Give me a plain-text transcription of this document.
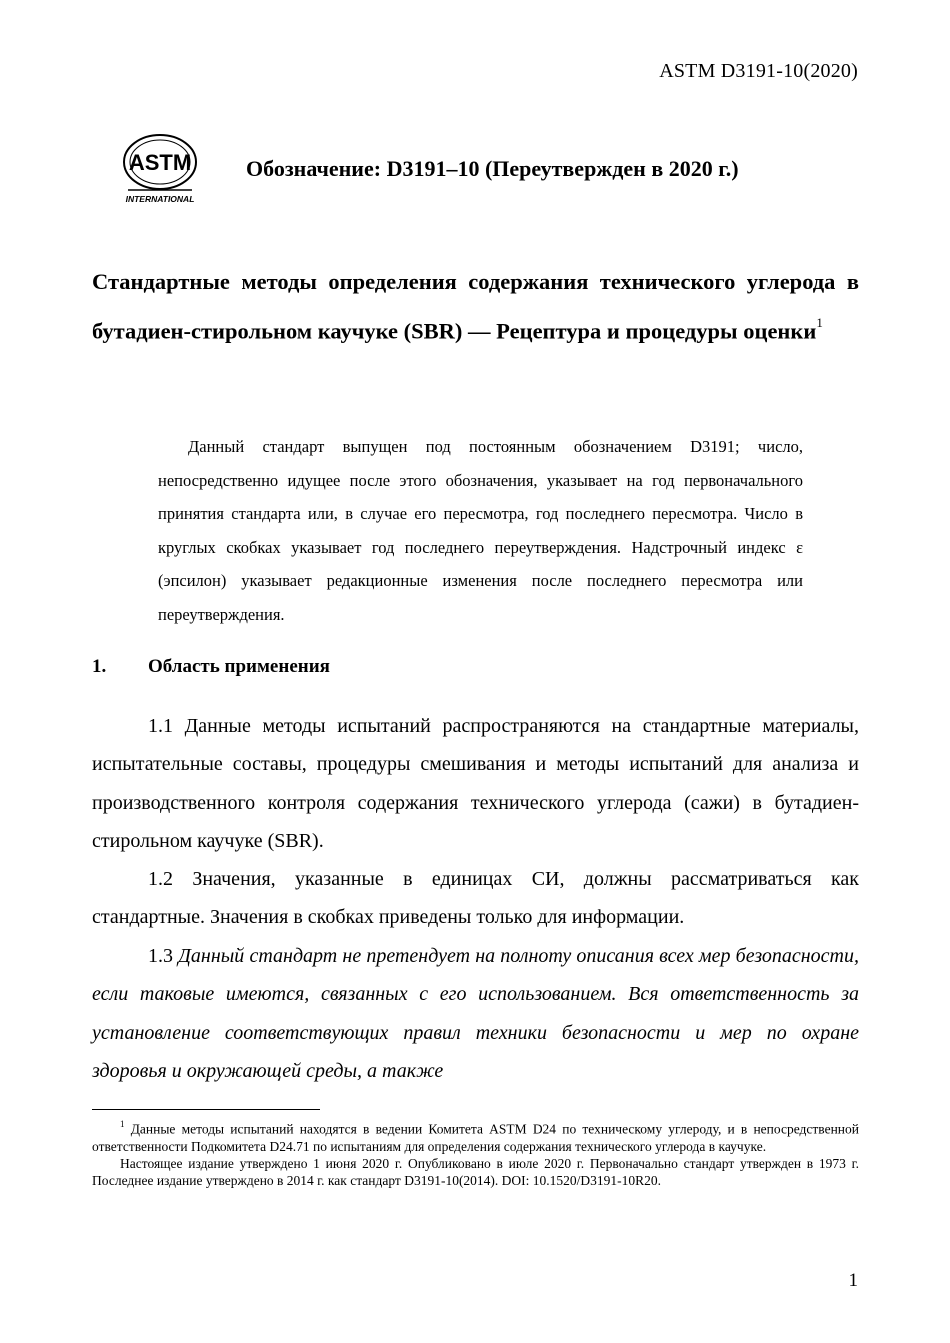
ASTM D3191-10(2020)
ASTM
INTERNATIONAL
Обозначение: D3191–10 (Переутвержден в 2020 г.)
Стандартные методы определения содержания технического углерода в бутадиен-стирольном каучуке (SBR) — Рецептура и процедуры оценки$^1$
Данный стандарт выпущен под постоянным обозначением D3191; число, непосредственно идущее после этого обозначения, указывает на год первоначального принятия стандарта или, в случае его пересмотра, год последнего пересмотра. Число в круглых скобках указывает год последнего переутверждения. Надстрочный индекс ε (эпсилон) указывает редакционные изменения после последнего пересмотра или переутверждения.
1. Область применения

1.1 Данные методы испытаний распространяются на стандартные материалы, испытательные составы, процедуры смешивания и методы испытаний для анализа и производственного контроля содержания технического углерода (сажи) в бутадиен-стирольном каучуке (SBR).

1.2 Значения, указанные в единицах СИ, должны рассматриваться как стандартные. Значения в скобках приведены только для информации.

1.3 Данный стандарт не претендует на полноту описания всех мер безопасности, если таковые имеются, связанных с его использованием. Вся ответственность за установление соответствующих правил техники безопасности и мер по охране здоровья и окружающей среды, а также

$^1$ Данные методы испытаний находятся в ведении Комитета ASTM D24 по техническому углероду, и в непосредственной ответственности Подкомитета D24.71 по испытаниям для определения содержания технического углерода в каучуке.

Настоящее издание утверждено 1 июня 2020 г. Опубликовано в июле 2020 г. Первоначально стандарт утвержден в 1973 г. Последнее издание утверждено в 2014 г. как стандарт D3191-10(2014). DOI: 10.1520/D3191-10R20.

1
